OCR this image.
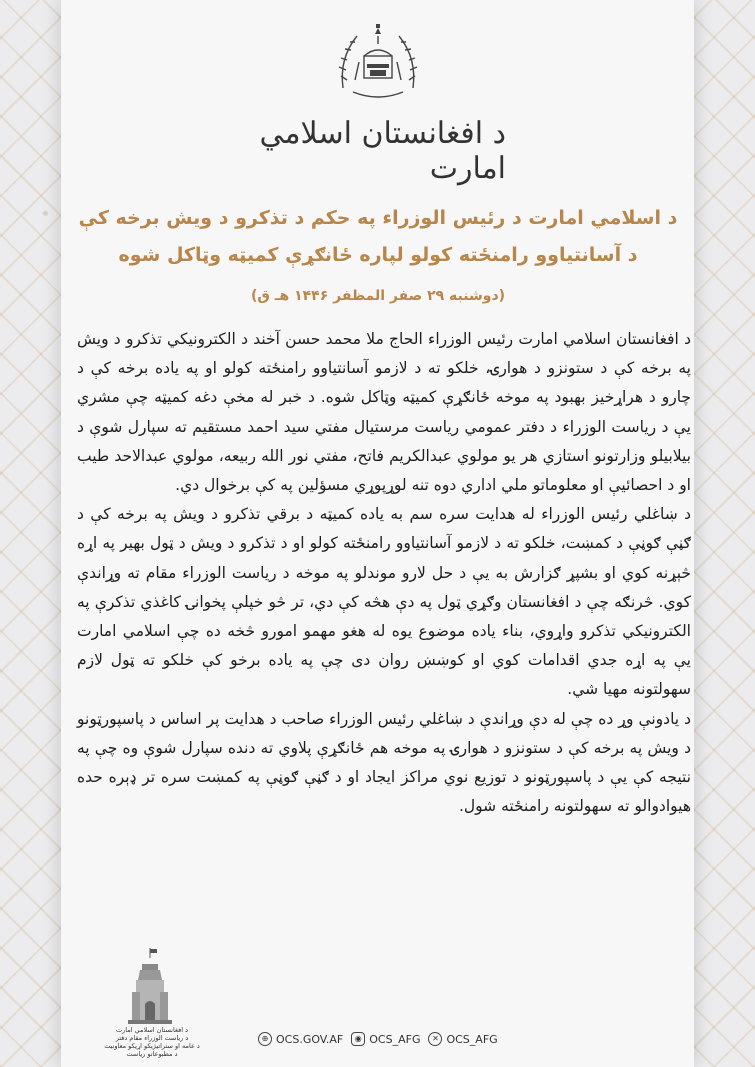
د افغانستان اسلامي امارت
د اسلامي امارت د رئیس الوزراء په حکم د تذکرو د ویش برخه کې
د آسانتیاوو رامنځته کولو لپاره ځانګړې کمیټه وټاکل شوه
(دوشنبه ۲۹ صفر المظفر ۱۴۴۶ هـ ق)

د افغانستان اسلامي امارت رئیس الوزراء الحاج ملا محمد حسن آخند د الکترونیکي تذکرو د ویش په برخه کې د ستونزو د هوارۍ، خلکو ته د لازمو آسانتیاوو رامنځته کولو او په یاده برخه کې د چارو د هراړخیز بهبود په موخه ځانګړې کمیټه وټاکل شوه. د خبر له مخې دغه کمیټه چې مشري یې د ریاست الوزراء د دفتر عمومي ریاست مرستیال مفتي سید احمد مستقیم ته سپارل شوې د بیلابیلو وزارتونو استازي هر یو مولوي عبدالکریم فاتح، مفتي نور الله ربیعه، مولوي عبدالاحد طیب او د احصائیې او معلوماتو ملي اداري دوه تنه لوړپوړي مسؤلین په کې برخوال دي.

د ښاغلي رئیس الوزراء له هدایت سره سم به یاده کمیټه د برقي تذکرو د ویش په برخه کې د ګڼې ګوڼې د کمښت، خلکو ته د لازمو آسانتیاوو رامنځته کولو او د تذکرو د ویش د ټول بهیر په اړه څېړنه کوي او بشپړ ګزارش به یې د حل لارو موندلو په موخه د ریاست الوزراء مقام ته وړاندې کوي. څرنګه چې د افغانستان وګړي ټول په دې هڅه کې دي، تر څو خپلې پخوانۍ کاغذي تذکرې په الکترونیکي تذکرو واړوي، بناء یاده موضوع یوه له هغو مهمو امورو څخه ده چې اسلامي امارت یې په اړه جدي اقدامات کوي او کوښښ روان دی چې په یاده برخو کې خلکو ته ټول لازم سهولتونه مهیا شي.

د یادونې وړ ده چې له دې وړاندې د ښاغلي رئیس الوزراء صاحب د هدایت پر اساس د پاسپورټونو د ویش په برخه کې د ستونزو د هوارۍ په موخه هم ځانګړې پلاوي ته دنده سپارل شوې وه چې په نتیجه کې یې د پاسپورټونو د توزیع نوي مراکز ایجاد او د ګڼې ګوڼې په کمښت سره تر ډېره حده هیوادوالو ته سهولتونه رامنځته شول.

د افغانستان اسلامي امارت
د ریاست الوزراء مقام دفتر
د عامه او ستراتیژیکو اړیکو معاونیت
د مطبوعاتو ریاست
⊕ OCS.GOV.AF	◉ OCS_AFG	✕ OCS_AFG
